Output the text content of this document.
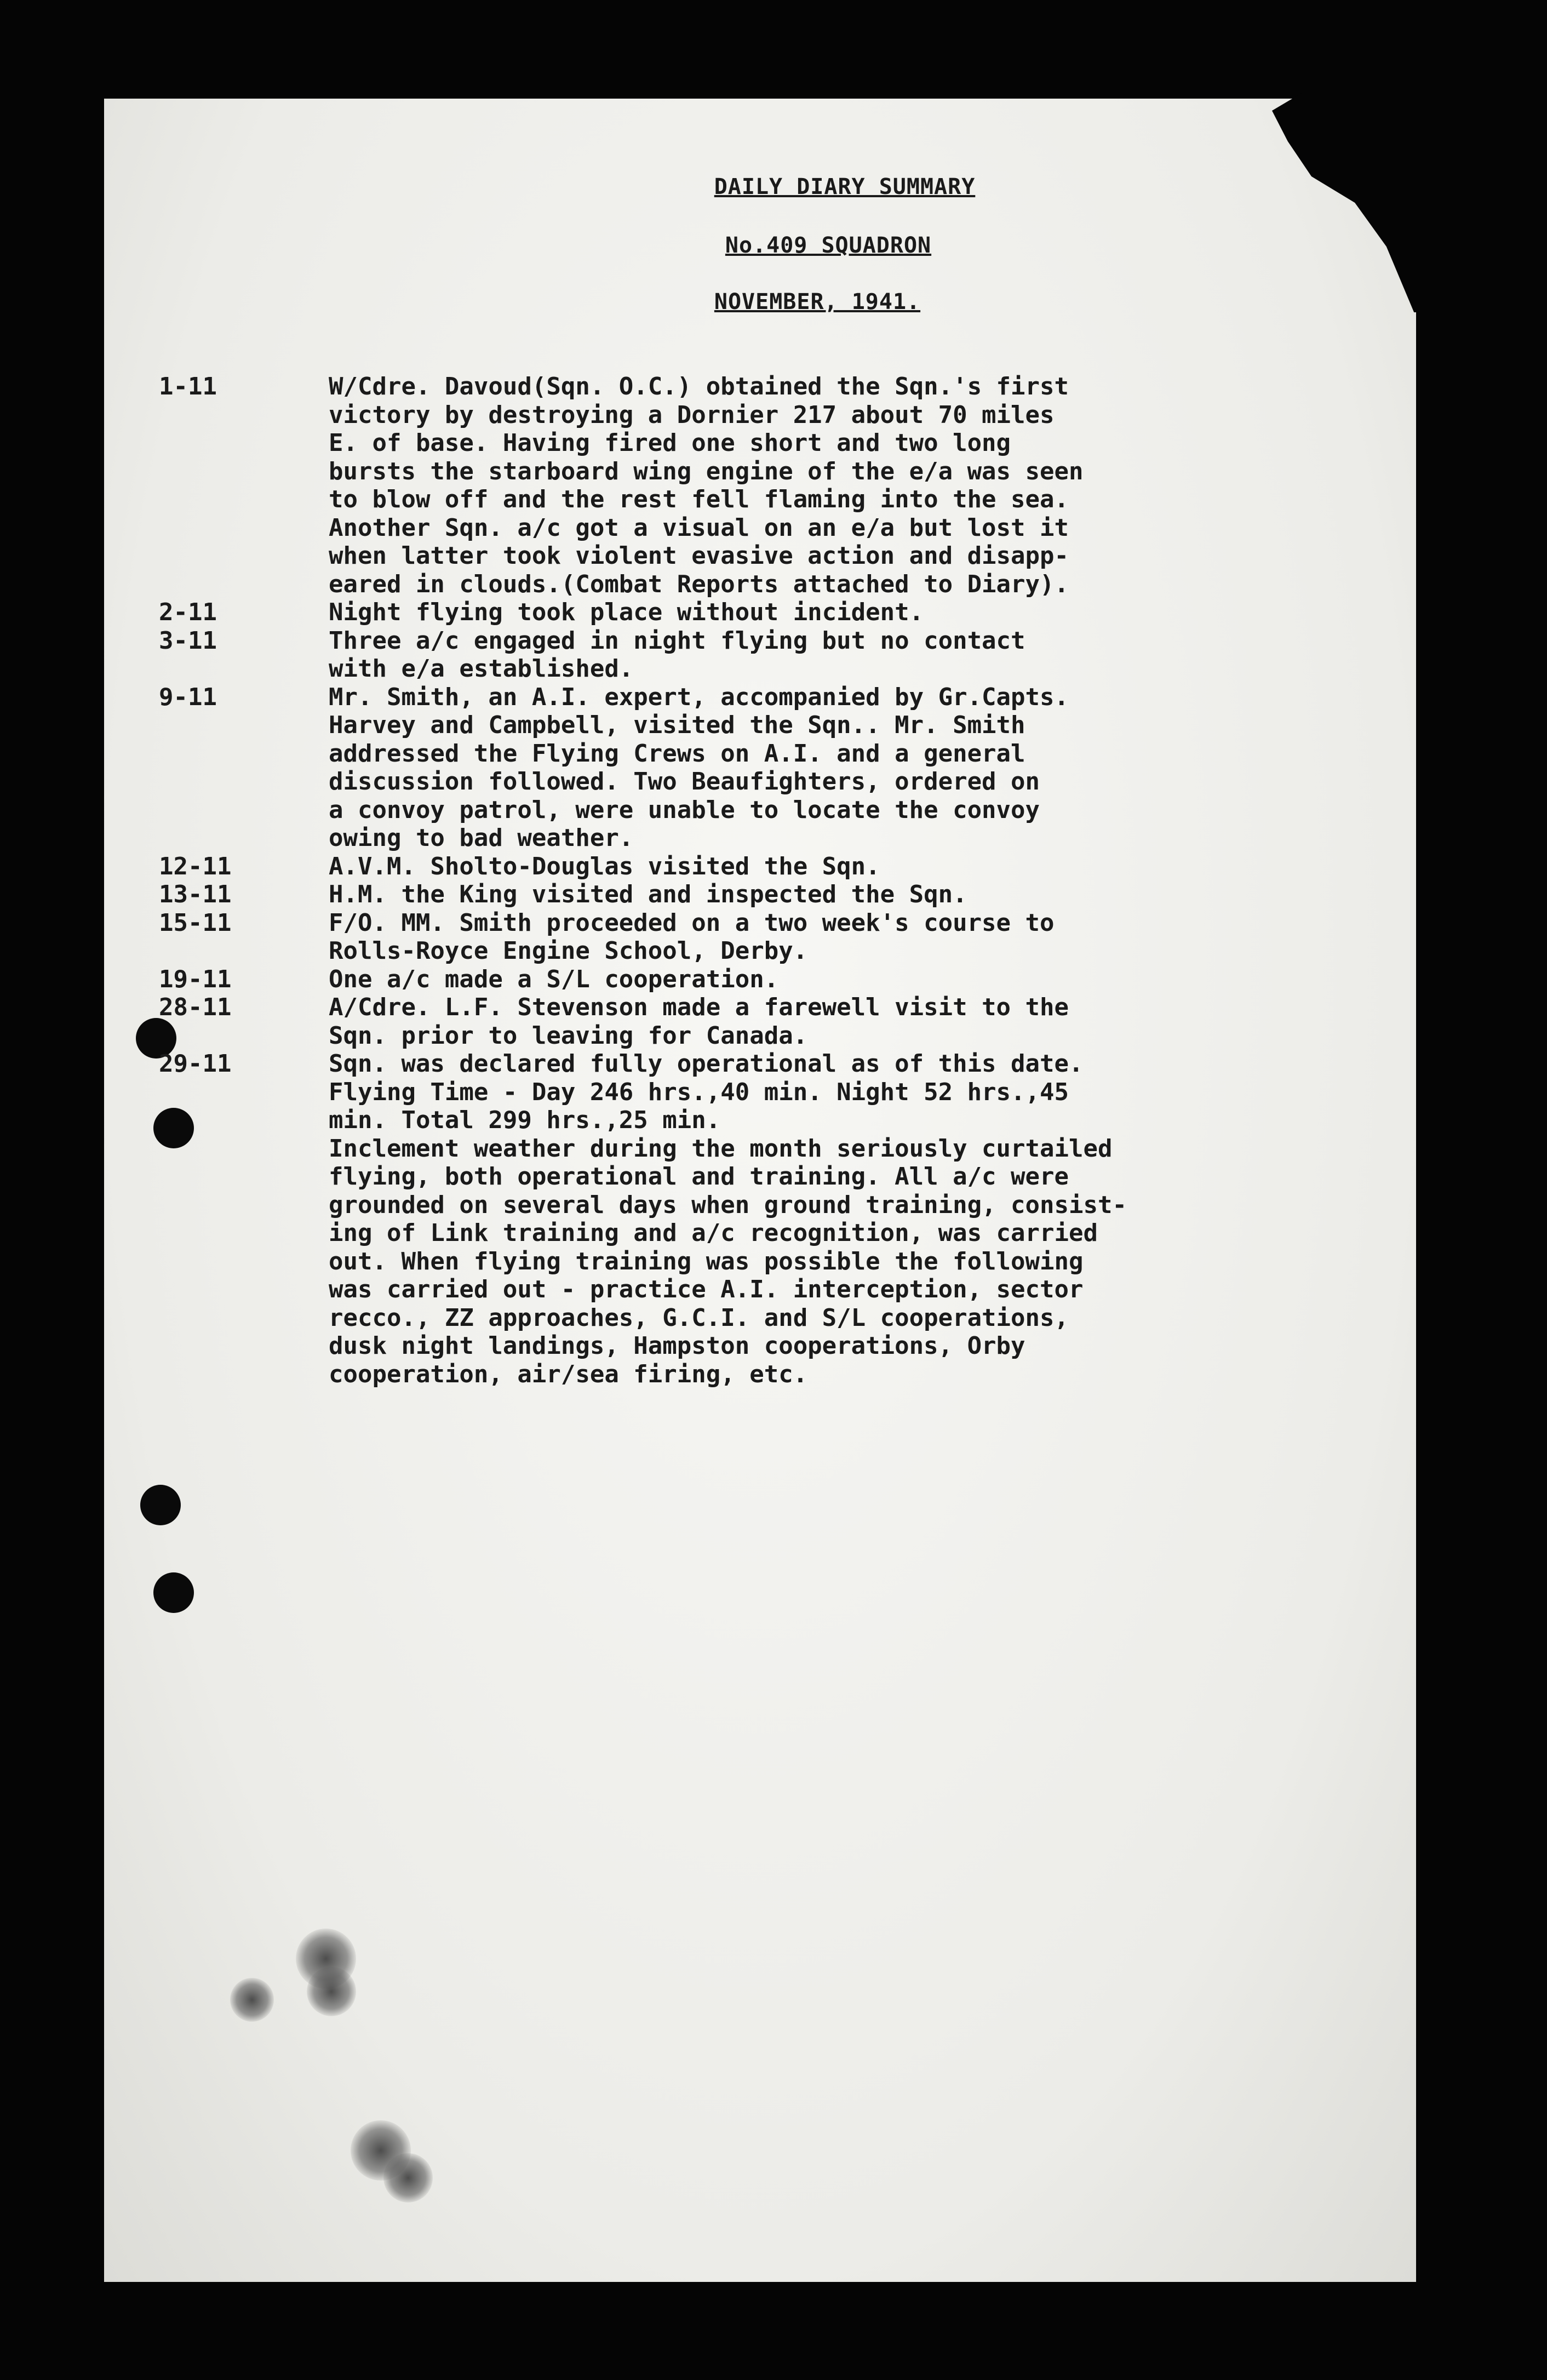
DAILY DIARY SUMMARY
No.409 SQUADRON
NOVEMBER, 1941.
1-11	W/Cdre. Davoud(Sqn. O.C.) obtained the Sqn.'s first
victory by destroying a Dornier 217 about 70 miles
E. of base. Having fired one short and two long
bursts the starboard wing engine of the e/a was seen
to blow off and the rest fell flaming into the sea.
Another Sqn. a/c got a visual on an e/a but lost it
when latter took violent evasive action and disapp-
eared in clouds.(Combat Reports attached to Diary).
2-11	Night flying took place without incident.
3-11	Three a/c engaged in night flying but no contact
with e/a established.
9-11	Mr. Smith, an A.I. expert, accompanied by Gr.Capts.
Harvey and Campbell, visited the Sqn.. Mr. Smith
addressed the Flying Crews on A.I. and a general
discussion followed. Two Beaufighters, ordered on
a convoy patrol, were unable to locate the convoy
owing to bad weather.
12-11	A.V.M. Sholto-Douglas visited the Sqn.
13-11	H.M. the King visited and inspected the Sqn.
15-11	F/O. MM. Smith proceeded on a two week's course to
Rolls-Royce Engine School, Derby.
19-11	One a/c made a S/L cooperation.
28-11	A/Cdre. L.F. Stevenson made a farewell visit to the
Sqn. prior to leaving for Canada.
29-11	Sqn. was declared fully operational as of this date.
Flying Time - Day 246 hrs.,40 min. Night 52 hrs.,45
min. Total 299 hrs.,25 min.
Inclement weather during the month seriously curtailed
flying, both operational and training. All a/c were
grounded on several days when ground training, consist-
ing of Link training and a/c recognition, was carried
out. When flying training was possible the following
was carried out - practice A.I. interception, sector
recco., ZZ approaches, G.C.I. and S/L cooperations,
dusk night landings, Hampston cooperations, Orby
cooperation, air/sea firing, etc.
